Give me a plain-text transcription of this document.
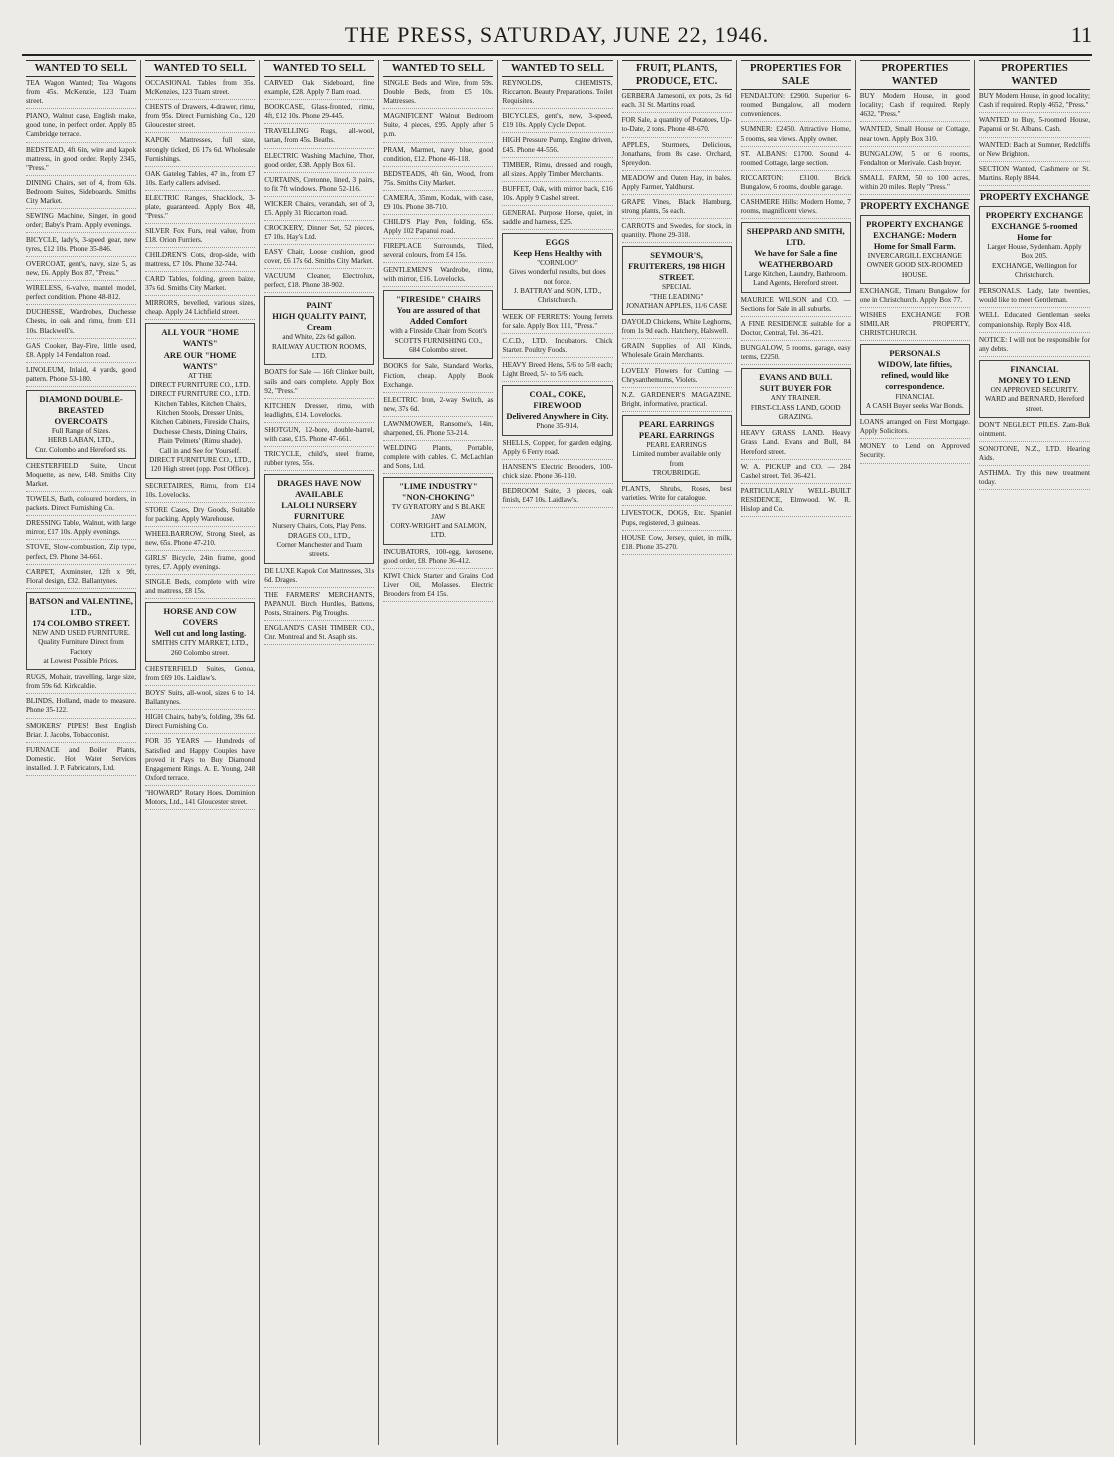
THE PRESS, SATURDAY, JUNE 22, 1946.	11
WANTED TO SELL

TEA Wagon Wanted; Tea Wagons from 45s. McKenzie, 123 Tuam street.

PIANO, Walnut case, English make, good tone, in perfect order. Apply 85 Cambridge terrace.

BEDSTEAD, 4ft 6in, wire and kapok mattress, in good order. Reply 2345, "Press."

DINING Chairs, set of 4, from 63s. Bedroom Suites, Sideboards. Smiths City Market.

SEWING Machine, Singer, in good order; Baby's Pram. Apply evenings.

BICYCLE, lady's, 3-speed gear, new tyres, £12 10s. Phone 35-846.

OVERCOAT, gent's, navy, size 5, as new, £6. Apply Box 87, "Press."

WIRELESS, 6-valve, mantel model, perfect condition. Phone 48-812.

DUCHESSE, Wardrobes, Duchesse Chests, in oak and rimu, from £11 10s. Blackwell's.

GAS Cooker, Bay-Fire, little used, £8. Apply 14 Fendalton road.

LINOLEUM, Inlaid, 4 yards, good pattern. Phone 53-180.

DIAMOND DOUBLE-BREASTED
OVERCOATS
Full Range of Sizes.
HERB LABAN, LTD.,
Cnr. Colombo and Hereford sts.

CHESTERFIELD Suite, Uncut Moquette, as new, £48. Smiths City Market.

TOWELS, Bath, coloured borders, in packets. Direct Furnishing Co.

DRESSING Table, Walnut, with large mirror, £17 10s. Apply evenings.

STOVE, Slow-combustion, Zip type, perfect, £9. Phone 34-661.

CARPET, Axminster, 12ft x 9ft, Floral design, £32. Ballantynes.

BATSON and VALENTINE, LTD.,
174 COLOMBO STREET.
NEW AND USED FURNITURE.
Quality Furniture Direct from Factory
at Lowest Possible Prices.

RUGS, Mohair, travelling, large size, from 59s 6d. Kirkcaldie.

BLINDS, Holland, made to measure. Phone 35-122.

SMOKERS' PIPES! Best English Briar. J. Jacobs, Tobacconist.

FURNACE and Boiler Plants, Domestic. Hot Water Services installed. J. P. Fabricators, Ltd.

WANTED TO SELL

OCCASIONAL Tables from 35s. McKenzies, 123 Tuam street.

CHESTS of Drawers, 4-drawer, rimu, from 95s. Direct Furnishing Co., 120 Gloucester street.

KAPOK Mattresses, full size, strongly ticked, £6 17s 6d. Wholesale Furnishings.

OAK Gateleg Tables, 47 in., from £7 10s. Early callers advised.

ELECTRIC Ranges, Shacklock, 3-plate, guaranteed. Apply Box 48, "Press."

SILVER Fox Furs, real value, from £18. Orion Furriers.

CHILDREN'S Cots, drop-side, with mattress, £7 10s. Phone 32-744.

CARD Tables, folding, green baize, 37s 6d. Smiths City Market.

MIRRORS, bevelled, various sizes, cheap. Apply 24 Lichfield street.

ALL YOUR "HOME WANTS"
ARE OUR "HOME WANTS"
AT THE
DIRECT FURNITURE CO., LTD.
DIRECT FURNITURE CO., LTD.
Kitchen Tables, Kitchen Chairs,
Kitchen Stools, Dresser Units,
Kitchen Cabinets, Fireside Chairs,
Duchesse Chests, Dining Chairs,
Plain 'Pelmets' (Rimu shade).
Call in and See for Yourself.
DIRECT FURNITURE CO., LTD.,
120 High street (opp. Post Office).

SECRETAIRES, Rimu, from £14 10s. Lovelocks.

STORE Cases, Dry Goods, Suitable for packing. Apply Warehouse.

WHEELBARROW, Strong Steel, as new, 65s. Phone 47-210.

GIRLS' Bicycle, 24in frame, good tyres, £7. Apply evenings.

SINGLE Beds, complete with wire and mattress, £8 15s.

HORSE AND COW COVERS
Well cut and long lasting.
SMITHS CITY MARKET, LTD.,
260 Colombo street.

CHESTERFIELD Suites, Genoa, from £69 10s. Laidlaw's.

BOYS' Suits, all-wool, sizes 6 to 14. Ballantynes.

HIGH Chairs, baby's, folding, 39s 6d. Direct Furnishing Co.

FOR 35 YEARS — Hundreds of Satisfied and Happy Couples have proved it Pays to Buy Diamond Engagement Rings. A. E. Young, 248 Oxford terrace.

"HOWARD" Rotary Hoes. Dominion Motors, Ltd., 141 Gloucester street.

WANTED TO SELL

CARVED Oak Sideboard, fine example, £28. Apply 7 Ilam road.

BOOKCASE, Glass-fronted, rimu, 4ft, £12 10s. Phone 29-445.

TRAVELLING Rugs, all-wool, tartan, from 45s. Beaths.

ELECTRIC Washing Machine, Thor, good order, £38. Apply Box 61.

CURTAINS, Cretonne, lined, 3 pairs, to fit 7ft windows. Phone 52-116.

WICKER Chairs, verandah, set of 3, £5. Apply 31 Riccarton road.

CROCKERY, Dinner Set, 52 pieces, £7 10s. Hay's Ltd.

EASY Chair, Loose cushion, good cover, £6 17s 6d. Smiths City Market.

VACUUM Cleaner, Electrolux, perfect, £18. Phone 38-902.

PAINT
HIGH QUALITY PAINT, Cream
and White, 22s 6d gallon.
RAILWAY AUCTION ROOMS, LTD.

BOATS for Sale — 16ft Clinker built, sails and oars complete. Apply Box 92, "Press."

KITCHEN Dresser, rimu, with leadlights, £14. Lovelocks.

SHOTGUN, 12-bore, double-barrel, with case, £15. Phone 47-661.

TRICYCLE, child's, steel frame, rubber tyres, 55s.

DRAGES HAVE NOW AVAILABLE
LALOLI NURSERY FURNITURE
Nursery Chairs, Cots, Play Pens.
DRAGES CO., LTD.,
Corner Manchester and Tuam streets.

DE LUXE Kapok Cot Mattresses, 31s 6d. Drages.

THE FARMERS' MERCHANTS, PAPANUI. Birch Hurdles, Battens, Posts, Strainers. Pig Troughs.

ENGLAND'S CASH TIMBER CO., Cnr. Montreal and St. Asaph sts.

WANTED TO SELL

SINGLE Beds and Wire, from 59s. Double Beds, from £5 10s. Mattresses.

MAGNIFICENT Walnut Bedroom Suite, 4 pieces, £95. Apply after 5 p.m.

PRAM, Marmet, navy blue, good condition, £12. Phone 46-118.

BEDSTEADS, 4ft 6in, Wood, from 75s. Smiths City Market.

CAMERA, 35mm, Kodak, with case, £9 10s. Phone 38-710.

CHILD'S Play Pen, folding, 65s. Apply 102 Papanui road.

FIREPLACE Surrounds, Tiled, several colours, from £4 15s.

GENTLEMEN'S Wardrobe, rimu, with mirror, £16. Lovelocks.

"FIRESIDE" CHAIRS
You are assured of that Added Comfort
with a Fireside Chair from Scott's
SCOTTS FURNISHING CO.,
684 Colombo street.

BOOKS for Sale, Standard Works, Fiction, cheap. Apply Book Exchange.

ELECTRIC Iron, 2-way Switch, as new, 37s 6d.

LAWNMOWER, Ransome's, 14in, sharpened, £6. Phone 53-214.

WELDING Plants, Portable, complete with cables. C. McLachlan and Sons, Ltd.

"LIME INDUSTRY"
"NON-CHOKING"
TV GYRATORY and S BLAKE JAW
CORY-WRIGHT and SALMON, LTD.

INCUBATORS, 100-egg, kerosene, good order, £8. Phone 36-412.

KIWI Chick Starter and Grains Cod Liver Oil, Molasses. Electric Brooders from £4 15s.

WANTED TO SELL

REYNOLDS, CHEMISTS, Riccarton. Beauty Preparations. Toilet Requisites.

BICYCLES, gent's, new, 3-speed, £19 10s. Apply Cycle Depot.

HIGH Pressure Pump, Engine driven, £45. Phone 44-556.

TIMBER, Rimu, dressed and rough, all sizes. Apply Timber Merchants.

BUFFET, Oak, with mirror back, £16 10s. Apply 9 Cashel street.

GENERAL Purpose Horse, quiet, in saddle and harness, £25.

EGGS
Keep Hens Healthy with
"CORNLOO"
Gives wonderful results, but does not force.
J. BATTRAY and SON, LTD., Christchurch.

WEEK OF FERRETS: Young ferrets for sale. Apply Box 111, "Press."

C.C.D., LTD. Incubators. Chick Starter. Poultry Foods.

HEAVY Breed Hens, 5/6 to 5/8 each; Light Breed, 5/- to 5/6 each.

COAL, COKE, FIREWOOD
Delivered Anywhere in City.
Phone 35-914.

SHELLS, Copper, for garden edging. Apply 6 Ferry road.

HANSEN'S Electric Brooders, 100-chick size. Phone 36-110.

BEDROOM Suite, 3 pieces, oak finish, £47 10s. Laidlaw's.

FRUIT, PLANTS, PRODUCE, ETC.

GERBERA Jamesoni, ex pots, 2s 6d each. 31 St. Martins road.

FOR Sale, a quantity of Potatoes, Up-to-Date, 2 tons. Phone 48-670.

APPLES, Sturmers, Delicious, Jonathans, from 8s case. Orchard, Spreydon.

MEADOW and Oaten Hay, in bales. Apply Farmer, Yaldhurst.

GRAPE Vines, Black Hamburg, strong plants, 5s each.

CARROTS and Swedes, for stock, in quantity. Phone 29-318.

SEYMOUR'S,
FRUITERERS, 198 HIGH STREET.
SPECIAL
"THE LEADING"
JONATHAN APPLES, 11/6 CASE

DAYOLD Chickens, White Leghorns, from 1s 9d each. Hatchery, Halswell.

GRAIN Supplies of All Kinds, Wholesale Grain Merchants.

LOVELY Flowers for Cutting — Chrysanthemums, Violets.

N.Z. GARDENER'S MAGAZINE. Bright, informative, practical.

PEARL EARRINGS
PEARL EARRINGS
PEARL EARRINGS
Limited number available only from
TROUBRIDGE.

PLANTS, Shrubs, Roses, best varieties. Write for catalogue.

LIVESTOCK, DOGS, Etc. Spaniel Pups, registered, 3 guineas.

HOUSE Cow, Jersey, quiet, in milk, £18. Phone 35-270.

PROPERTIES FOR SALE

FENDALTON: £2900. Superior 6-roomed Bungalow, all modern conveniences.

SUMNER: £2450. Attractive Home, 5 rooms, sea views. Apply owner.

ST. ALBANS: £1700. Sound 4-roomed Cottage, large section.

RICCARTON: £3100. Brick Bungalow, 6 rooms, double garage.

CASHMERE Hills: Modern Home, 7 rooms, magnificent views.

SHEPPARD AND SMITH, LTD.
We have for Sale a fine WEATHERBOARD
Large Kitchen, Laundry, Bathroom.
Land Agents, Hereford street.

MAURICE WILSON and CO. — Sections for Sale in all suburbs.

A FINE RESIDENCE suitable for a Doctor, Central, Tel. 36-421.

BUNGALOW, 5 rooms, garage, easy terms, £2250.

EVANS AND BULL
SUIT BUYER FOR
ANY TRAINER.
FIRST-CLASS LAND, GOOD GRAZING.

HEAVY GRASS LAND. Heavy Grass Land. Evans and Bull, 84 Hereford street.

W. A. PICKUP and CO. — 284 Cashel street. Tel. 36-421.

PARTICULARLY WELL-BUILT RESIDENCE, Elmwood. W. R. Hislop and Co.

PROPERTIES WANTED

BUY Modern House, in good locality; Cash if required. Reply 4632, "Press."

WANTED, Small House or Cottage, near town. Apply Box 310.

BUNGALOW, 5 or 6 rooms, Fendalton or Merivale. Cash buyer.

SMALL FARM, 50 to 100 acres, within 20 miles. Reply "Press."

PROPERTY EXCHANGE
PROPERTY EXCHANGE
EXCHANGE: Modern Home for Small Farm.
INVERCARGILL EXCHANGE
OWNER GOOD SIX-ROOMED HOUSE.

EXCHANGE, Timaru Bungalow for one in Christchurch. Apply Box 77.

WISHES EXCHANGE FOR SIMILAR PROPERTY, CHRISTCHURCH.

PERSONALS
WIDOW, late fifties, refined, would like correspondence.
FINANCIAL
A CASH Buyer seeks War Bonds.

LOANS arranged on First Mortgage. Apply Solicitors.

MONEY to Lend on Approved Security.

PROPERTIES WANTED

BUY Modern House, in good locality; Cash if required. Reply 4652, "Press."

WANTED to Buy, 5-roomed House, Papanui or St. Albans. Cash.

WANTED: Bach at Sumner, Redcliffs or New Brighton.

SECTION Wanted, Cashmere or St. Martins. Reply 8844.

PROPERTY EXCHANGE
PROPERTY EXCHANGE
EXCHANGE 5-roomed Home for
Larger House, Sydenham. Apply Box 205.
EXCHANGE, Wellington for Christchurch.

PERSONALS. Lady, late twenties, would like to meet Gentleman.

WELL Educated Gentleman seeks companionship. Reply Box 418.

NOTICE: I will not be responsible for any debts.

FINANCIAL
MONEY TO LEND
ON APPROVED SECURITY.
WARD and BERNARD, Hereford street.

DON'T NEGLECT PILES. Zam-Buk ointment.

SONOTONE, N.Z., LTD. Hearing Aids.

ASTHMA. Try this new treatment today.
